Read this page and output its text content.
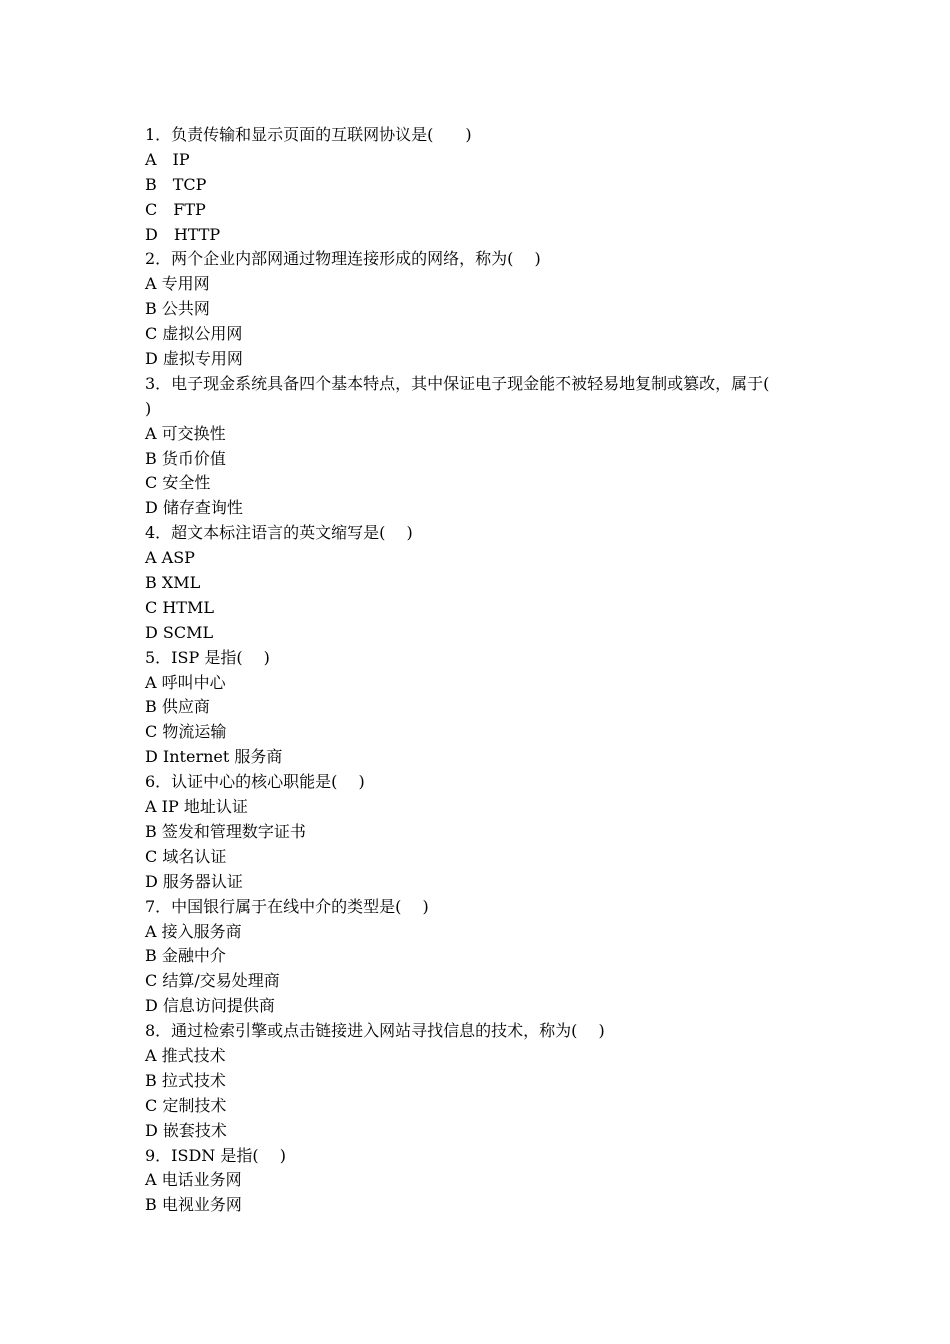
1．负责传输和显示页面的互联网协议是(　　)
A　IP
B　TCP
C　FTP
D　HTTP
2．两个企业内部网通过物理连接形成的网络，称为(　 )
A 专用网
B 公共网
C 虚拟公用网
D 虚拟专用网
3．电子现金系统具备四个基本特点，其中保证电子现金能不被轻易地复制或篡改，属于(
)
A 可交换性
B 货币价值
C 安全性
D 储存查询性
4．超文本标注语言的英文缩写是(　 )
A ASP
B XML
C HTML
D SCML
5．ISP 是指(　 )
A 呼叫中心
B 供应商
C 物流运输
D Internet 服务商
6．认证中心的核心职能是(　 )
A IP 地址认证
B 签发和管理数字证书
C 域名认证
D 服务器认证
7．中国银行属于在线中介的类型是(　 )
A 接入服务商
B 金融中介
C 结算/交易处理商
D 信息访问提供商
8．通过检索引擎或点击链接进入网站寻找信息的技术，称为(　 )
A 推式技术
B 拉式技术
C 定制技术
D 嵌套技术
9．ISDN 是指(　 )
A 电话业务网
B 电视业务网
